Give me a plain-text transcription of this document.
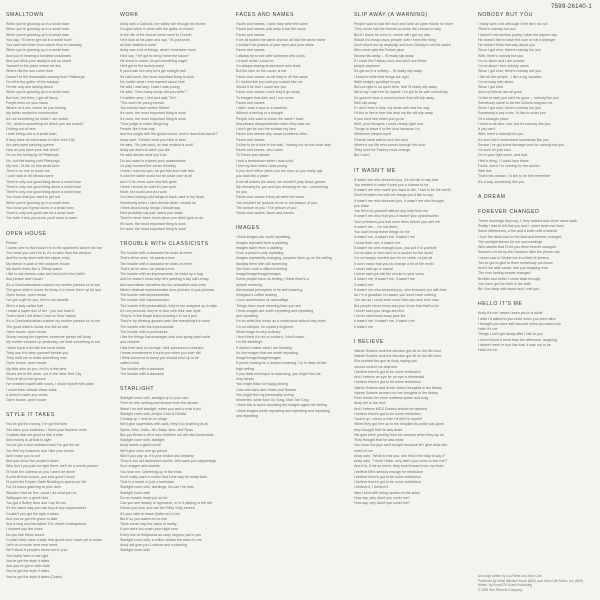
7599-26140-1
SMALLTOWN
When you're growing up in a small town
When you're growing up in a small town
When you're growing up in a small town
You say, "I'll never get old in a small town"
You can't see them from where they're standing
When you're growing up in a small town
And you're hearing a hundred lockdowns
And you think your daddy is not so smart
Yourself in the place where we live
Where did the sun come from
Dance't to the lemonades coming from Pittsburgh
I'm off in the gutter of the subway
I'm the only one talking about
When you're growing up in a small town
But then, but then, I got off fancy
Forget them on your faces
Where do it me, where do you belong
My father worked in construction
It's not something for which I am suited
Oh - what is something for which you are suited?
Getting out of here
I hate being odd in a small town
If they stare let them stare in New York City
Are pink-eyed painting queers
How do you have your hair done?
I'm on the boring tip of Pittsburgh
No, not this boring cold Pittsburgh
My lord - I'll die on this small town
There's no one to touch me
I can't wait to hit friends home
There's only one good thing about a small town
There's only one good thing about a small town
There's only one good thing about a small town
You know that you want to get out
When you're growing up in a small town
You know you'll grow down in a small town
There's only one good use for a small town
You hate it and you know you'll have to leave
OPEN HOUSE
Please
I came over to this house I'm in the apartment above the bar
You know you can't be in, it's in view from the window
And the lucky store with the zipper entry
My sketch is pale or the outdoors house
My Aunt's there like a Tiffany watch
I like to eat cheese-cake and hot Aunt's fine ballet
And please don't touch
It's a Czechoslovakian custom my mother passed on to me
The good witch's house for Andy, it is home there up for you
Open house, open house
I've got a gift for you, here's my favorite
She's a lady called Kati
I made a paper doll of her - you can have it
That's what I did when I had no 'Bow' dance
It's a Czechoslovakian custom my mother passed on to me
The good witch's house she did so well
Open house, open house
Stomp having fun together, someone please tell Andy
My mother showed up yesterday, we tried something to eat
I drink it just a bit with the local drinks
They use it to keep yourself beside you
They stuff me to make something new
Open house, open house
My kids who do you, oh it's a fine time
Shoes are in the store, out in the New York City
They're all on the ground
I've created myself with hours, I stood myself with plate
I could think outside these walls
It doesn't make any sense
Open house, open house
STYLE IT TAKES
You've got the money, I've got the time
You have your business, I have your freedom mine
Cookies that are good to ride a bike
And money is all that is style
You've got a nice weekend and I've got the art
You feel my business and I like your books
And I have you to put
And you know the people it takes
Why don't you just cut right there, we'll do a movie partner
I'll hook the camera on you I won't be alone
A portrait that moves, you look good I know
I'll paint the Empire State Building to spend our life
For 24 hours glancing at your view
Wouldn't that be fine, could I do what you do
Wallpaper art, a great idea
You got a Bulley lines and I lay it's too
It's the same way you can buy at any supermarket
Couldn't you get the style it takes
And you've got the grace to take
And a long second talked The Velvet Underground
I showed you the clues
Do you like these sound
Couldn't they have a style that grows and I have yet to make
Let's do a movie here next week
We'll show it people's faces not to your
You really have to eat right
You've got the style it takes
And you've got a radio Kate
You've got the style it takes
You've got the style it takes (Crank)
WORK
Andy was a Catholic, the valley ran through his bones
I'm glad when it came with the gates of church
In the life of the church never went to Church
He'd look at his palm and say, "It's just work,
all that matters is work"
Andy was a lot of things, what I remember most
He'd say, "I've got to bring home the bacon"
He loved to wave, he got something eager
He'd get to the factory early
If you'd ask him why he'd get straight rant
It's hard work, the most important thing is work
No matter what I ever wanted stood here
He said I was lazy, I said I was young
He said, "How many songs did you write?"
I'd written zero, I lied and said "Ten"
"You won't be young forever
You should have written fifteen"
It's work, the most important thing is work
It's work, the most important thing is work
"Your judge is make things big
People like it that way
And the single with the guitar sound, where does that sound?"
Andy said, "Decide what you think is best
He said, "It's just work, all that matters is work"
Andy sat down to catch you the
He said decide what you'll do
Do you want to expand your possessions
Or play moment the sense thinking
I knew I had my spin, he got told and rude face
It was the same world but he could care at all
And I'll be never sure how this goes
I think I should be said it's just work
Work, but scold and you work
I've been having cold things in back, said in my head
Somebody when I can't decide what I should do
I think about Andy, things I should say
He'd probably say just, stand you made
There's never been much since you didn't give to do
It's work, the most important thing is work
It's work, the most important thing is work
TROUBLE WITH CLASSICISTS
The trouble with a classicist he looks at a tree
That's all he sees, he paints a tree
The trouble with a classicist he looks at a tree
That's all he sees, he paints a tree
The trouble with an impressionist, he looks up a bag
And he doesn't know why he's painting a sky with a bag
And surrealistic monsters are too unleashes and untie
Where abstract expressionists tone pictures or just pictures
The trouble with impressionists
The trouble with expressionism
The trouble with personalistic, they're too wrapped up in style
It's not personal, they're in love with their own style
They're in the illegal ships knowing it to be a jerk
They're by drinking gusses cash like everything's in work
The trouble with the impressionist
The trouble with a procedures
I like the things Kauzmaragan dots who spray paint walls
and crosses
I like their lack of courage, their pressures to triumph
I mean wonderment it hurts you when you ever did
I think someone is funny you should shut up to be
called a fool
The trouble with a classicist
The trouble with a classicist
STARLIGHT
Starlight room with, starlight up in your skin
Then he lets nothing and shower from the stream
Wasn't on and starlight, when you and a crow a pol
Starlight room with, Andy's Cord & Delldis
Coming up 7 and an on stage
We'll give superstars with sails, they'll do anything at all
Sylvia, Max, Gotts, Jim, Baby Jane, and Ryan
But you Brown's all in sour bubbles out will visit boulevards
Starlight room with, starlight
Andy wants a giant movie
We'll give color and go paired
Won't you pay us, it's your choice and dreamly
They're too old-fashioned movies, let's save you happenings
Sure images and sounds
You hear me, Diarrering up in the ends
Don't really want a movie/ that's the way he really finds
That is a movie or just a hurricane
Starlight room with, startlings, it's can't he help
Starlight room with
Do no movies what you do for
Can you see beauty in hypnoses, or is it playing in the dirt
Dance just now, and use the Riley Sully screen
It's your take to tease (listen so to him
But if so you waters to no rise
Think some may the cabin of reality
If you were too crash your night now
Every tick of Hollywood as carry happen just to you
Starlight room with, a-millon dollars fee wide it's me
Andy will give you 1 minute and a painting
Starlight room with
FACES AND NAMES
Faces and names, I wish they were the same
Faces and names, just keep it are the same
Faces and names
If we all looked the same and we all had the same name
I wouldn't be jealous of your eyes and your name
Faces and names
I always try to see with someone who looks
I'd want what I could be
I'm always staring at someone who feels
But the face on the cover, is me
Faces and names, so far they're all the same
If I looked like you and you looked like me
Would it be true I could see you
Faces and names I wish they'd go away
To imagine that Alec and I use some
Faces and names
I wish I was a soul or a machine
Without a feeling or a thought
People who want to know the name I have
And please disappointment when they saw me
I don't get far into the surface my face
Faces and names why cause problems often
Faces and names
I'd like to be a hole in the wall - looking out on the other side
Faces and names, who cares
To Faces and names
I had a breakdown when I was a kid
I lost my blue when I was young
If you don't either when you are now, so you really age
you look like a pawn
If we all looked the same, we wouldn't play those games
My dressing for you and you dressing for me - conforming
for you
Faces and names if they all were the same
You wouldn't be jealous of me or me jealous of you
The picture of you / The picture of you
Faces and names, faces and names
IMAGES
I think images are worth repeating
Images repeated from a painting
Images taken from a painting
From a photo's only repeating
Images repeatedly changing, peoples them up on the ceiling
Multiply them with silk screening
See them with a different feeling
Image/Image/Image/Images
Some people have no feeling, I think there's a
deeper meaning
Mechanical perception or its self-meaning
Instigator's coffee dealing
I love acceleration of camouflage
Things have more meaning than you see
I think images are worth repeating and repeating
and repeating
I'm an artist like music as a continuous without any order
I'm no lobbyist, no mystery engineer
What image is very ordinary
I don't think it's old or modern, I don't mean
I'm the thinnings
It doesn't matter what I am thinking
It's the images that are worth repeating
Image/Image/Image/Images
If you're looking for a deeper meaning, I'm in deep at this
high ceiling
If you think technique is reasoning, you might find me
very simple
You might think I'm happy-boring
Cars and cans and chairs and flowers
You might find my personality boring
Mommies, while Max Go Tung, Max Tse Tung
I think this is faces repeating the images again the ceiling
I think images worth repeating and repeating and repeating
and repeating
SLIP AWAY (A WARNING)
People said to lock the door and have an open house no more
They never had the friends so close the chance to stay
But if I leave he is for in, where will I get my skin
Would it's cheap crazy people, with I meet the thing
Don't shoot me up anybody, and from Dishay it not the cases
Who meet said the Fusion gear
Slowly hits away -- I'll ready slip away
If I close the Factory door and don't see those
people anymore
It's get so in a solitary -- I'll ready slip away
I know to write that things are right
Walk tonight, goodbye to you
But not right is no quiet here, that I'll ready slip away
We'd say I can't be by myself, I've got to be with somebody
It's good to hear a recovery tone that will slip away
Well slip away
If I don't ever in fear, my ideas with end the way
I'd like to live in fear this deal my life will slip away
If you can't see when you go on
Well, your thoughts I could clearly right now
Things to leave it to the door because I'm
Whenever people eyes
Friends have said to lock the door
Where's our life who comes through the door
They said the Factory must change
But I don't
IT WASN'T ME
It wasn't me who shunned you, it's not fair to say that
You wanted to make it past you a chance to be
It wasn't me who made you want to die, I had to be the worth
Don't threaten me with the things you'd like to say
It wasn't me who shunned you, it wasn't me who brought
you down
You fell in to yourself without any help from me
It wasn't me who hurt you, it wasn't your grandmother
Your problems you that more them before you met me
It wasn't me -- I'm not there
You can't throw these things on me
It wasn't me, it wasn't me, it wasn't me
I know that I am, it wasn't me
It wasn't me who changed you, you put it to yourself
I'm no saint or hero and I'm a sucker for the world
I'm not simply needed you I'm for better or just all
It don't mean that you do change a bit of the world
I never said go or cancel
I never said you fall the smoke in your veins
It wasn't me, it wasn't me, it wasn't me
It wasn't me
It wasn't me who shunned you, who excused you with that
As I'm a guardian I'm aware you won't have nothing
You are as I could even more than you lack from now
But people never knew and your know that that's a lie
I never said your drugs and fine
I never said throw away your life
It wasn't me, it wasn't me, it wasn't me
It wasn't me
I BELIEVE
Valerie Solanis took the elevator got off on the 6th floor
Valerie Solanis took the elevator got off on the 6th floor
She pointed the gun at Andy saying you
cannot control me anymore
I believe there's got to be some retribution
And I believe an eye for an eye is elemental
I believe there's got to be some retribution
Valerie Solanis said those violent thoughts in the library
Valerie Solanis scream out her thoughts in the library
From inside her shoe mattress spoke and lung
Andy fell to the floor
And I believe MGS Solanis should be rejected
I believe there's got to be some retribution
Took it up, I shoot a man I'd tell it to myself
When they got him up to the hospital his pulse was gone
they thought that he was dead
His guts were pouring from his wounds when they lay on
They thought that he was dead
You know the joys can't tonight because all I give what she
owed of me
Andy said, "What to rest you, she tells it the way to say it"
Andy said, "I think I think, why didn't you come to see me?"
And it is, If his so much, they took forward from my heart
I believe life's serious enough for retribution
I believe there's got to be some retribution
I believe there's got to be some retribution
I believe it, I believe it
Was I shot with being spoken to the skies
How say, why didn't you cover me?
How say, why didn't you cover me?
NOBODY BUT YOU
I really care a lot although I feel like I do not
There's nobody but you
I haven't had shrinks poetry I wide the papers say
He doesn't like to have the cow, to eat a stranger
He doesn't think that way about you
Since I got shot, there's nobody but you
Well, there's nobody but you
I'm so alone and I am scared
I'm so alone I feel nobody cares
Since I got shot, there's nobody but you
I like all the people - I like a big vacation
I'm so busy with alone
Since I got shot
And my friends are all gone
I'd like to start you can't be gone -- nobody like you
Somebody came to be the Victoria shipped me
Since I got shot, there's nobody but you
Somebody's pay a fee, I'd like to order you
Of a stranger place
I want to be who I am, but it's nobody like you
It just can't
Well, there's nobody but you
It's sure don't understand somebody like you
Smoke I've got some teenage tone for nobody but you
I'm sure I'm just shot
I'm in your right cover, and that
I felt a thing, I I could face these
Fucks, some I'm coming for the screen
Well this
That's the answer, I'd like to be bet remember
It's a way, somebody like you
A DREAM
FOREVER CHANGED
These mornings they say, I, they walked and never came back
Really I had to tell that you and I, when when we lived
Some differences, a fire and a knife until a funeral
I love the dead and on the land and forever changed
The sunlight shines for our surroundings
Who stands that I'll let you there forever changed
Sunset's on ice by the Gardens after the phone call
I never saw a Cricket nor in a field of dreams
You've got to give to them somebody you know
Aren't we able cause, see you laughing ever
The river lasting forever changed
Brother and better I come back through
You have got the truth in the faith
Be I the dimp with faced and I met you
HELLO IT'S ME
Andy it's me, haven't seen you in a while
I wish I'd talked to you more when you were alive
I thought you were self-assured when you acted shy
Hello it's me
Things I can't get along after I talk to you
I never found it more than the afternoon, laughing
I haven't seen in hurt like that, it was not to be
Hello it's me
All songs written by Lou Reed and John Cale
Published by Metal Machine Music (BMI), and John Cale Music, Inc. (BMI)
Admin. by Sony/ATV Music Publishing
© 1990 Sire Records Company
